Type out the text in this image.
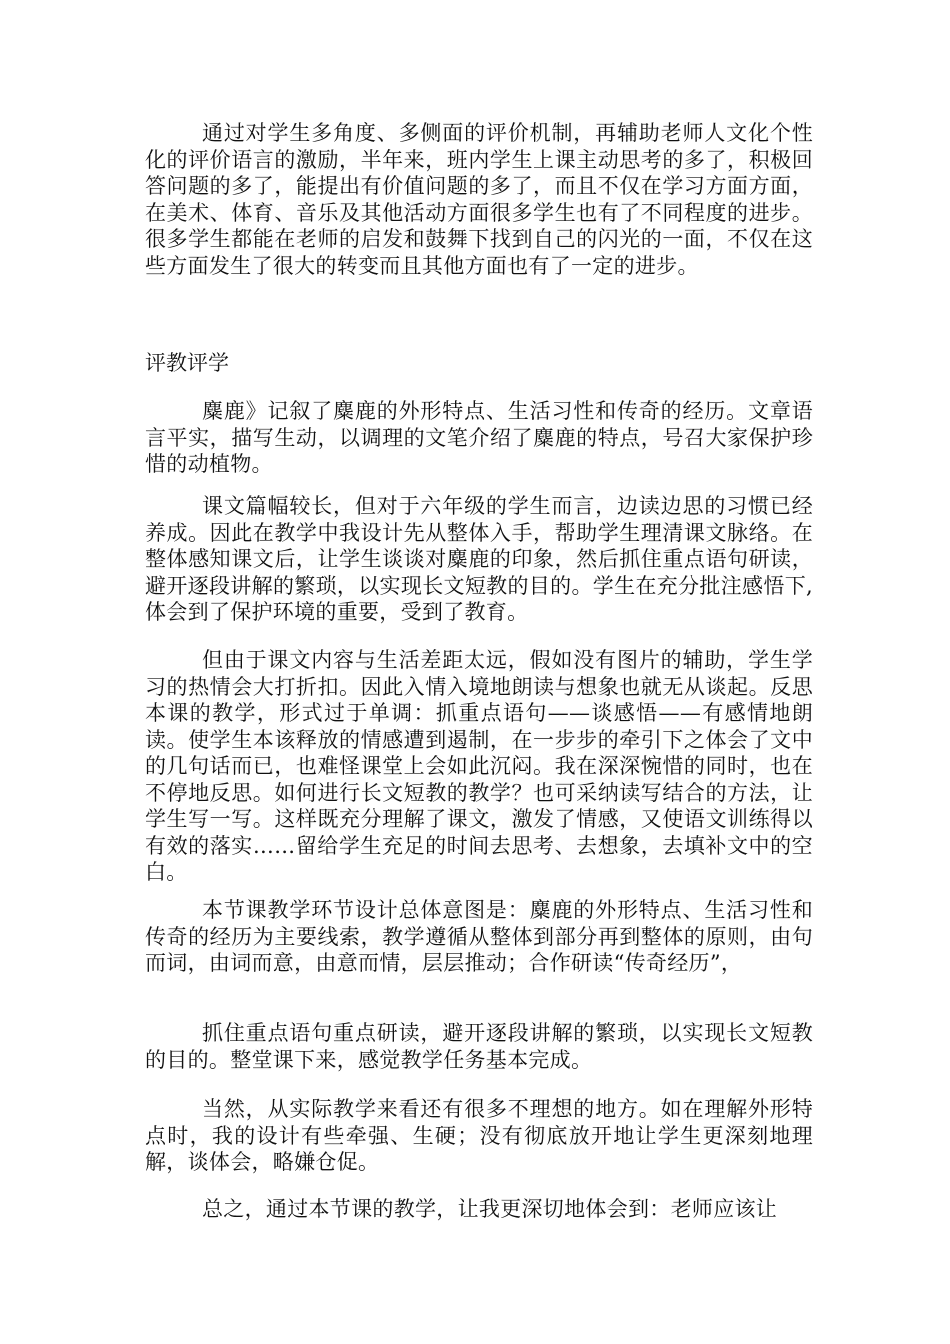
通过对学生多角度、多侧面的评价机制，再辅助老师人文化个性化的评价语言的激励，半年来，班内学生上课主动思考的多了，积极回答问题的多了，能提出有价值问题的多了，而且不仅在学习方面方面，在美术、体育、音乐及其他活动方面很多学生也有了不同程度的进步。很多学生都能在老师的启发和鼓舞下找到自己的闪光的一面，不仅在这些方面发生了很大的转变而且其他方面也有了一定的进步。

评教评学

麋鹿》记叙了麋鹿的外形特点、生活习性和传奇的经历。文章语言平实，描写生动，以调理的文笔介绍了麋鹿的特点，号召大家保护珍惜的动植物。

课文篇幅较长，但对于六年级的学生而言，边读边思的习惯已经养成。因此在教学中我设计先从整体入手，帮助学生理清课文脉络。在整体感知课文后，让学生谈谈对麋鹿的印象，然后抓住重点语句研读，避开逐段讲解的繁琐，以实现长文短教的目的。学生在充分批注感悟下,体会到了保护环境的重要，受到了教育。

但由于课文内容与生活差距太远，假如没有图片的辅助，学生学习的热情会大打折扣。因此入情入境地朗读与想象也就无从谈起。反思本课的教学，形式过于单调：抓重点语句——谈感悟——有感情地朗读。使学生本该释放的情感遭到遏制，在一步步的牵引下之体会了文中的几句话而已，也难怪课堂上会如此沉闷。我在深深惋惜的同时，也在不停地反思。如何进行长文短教的教学？也可采纳读写结合的方法，让学生写一写。这样既充分理解了课文，激发了情感，又使语文训练得以有效的落实……留给学生充足的时间去思考、去想象，去填补文中的空白。

本节课教学环节设计总体意图是：麋鹿的外形特点、生活习性和传奇的经历为主要线索，教学遵循从整体到部分再到整体的原则，由句而词，由词而意，由意而情，层层推动；合作研读“传奇经历”，

抓住重点语句重点研读，避开逐段讲解的繁琐，以实现长文短教的目的。整堂课下来，感觉教学任务基本完成。

当然，从实际教学来看还有很多不理想的地方。如在理解外形特点时，我的设计有些牵强、生硬；没有彻底放开地让学生更深刻地理解，谈体会，略嫌仓促。

总之，通过本节课的教学，让我更深切地体会到：老师应该让
